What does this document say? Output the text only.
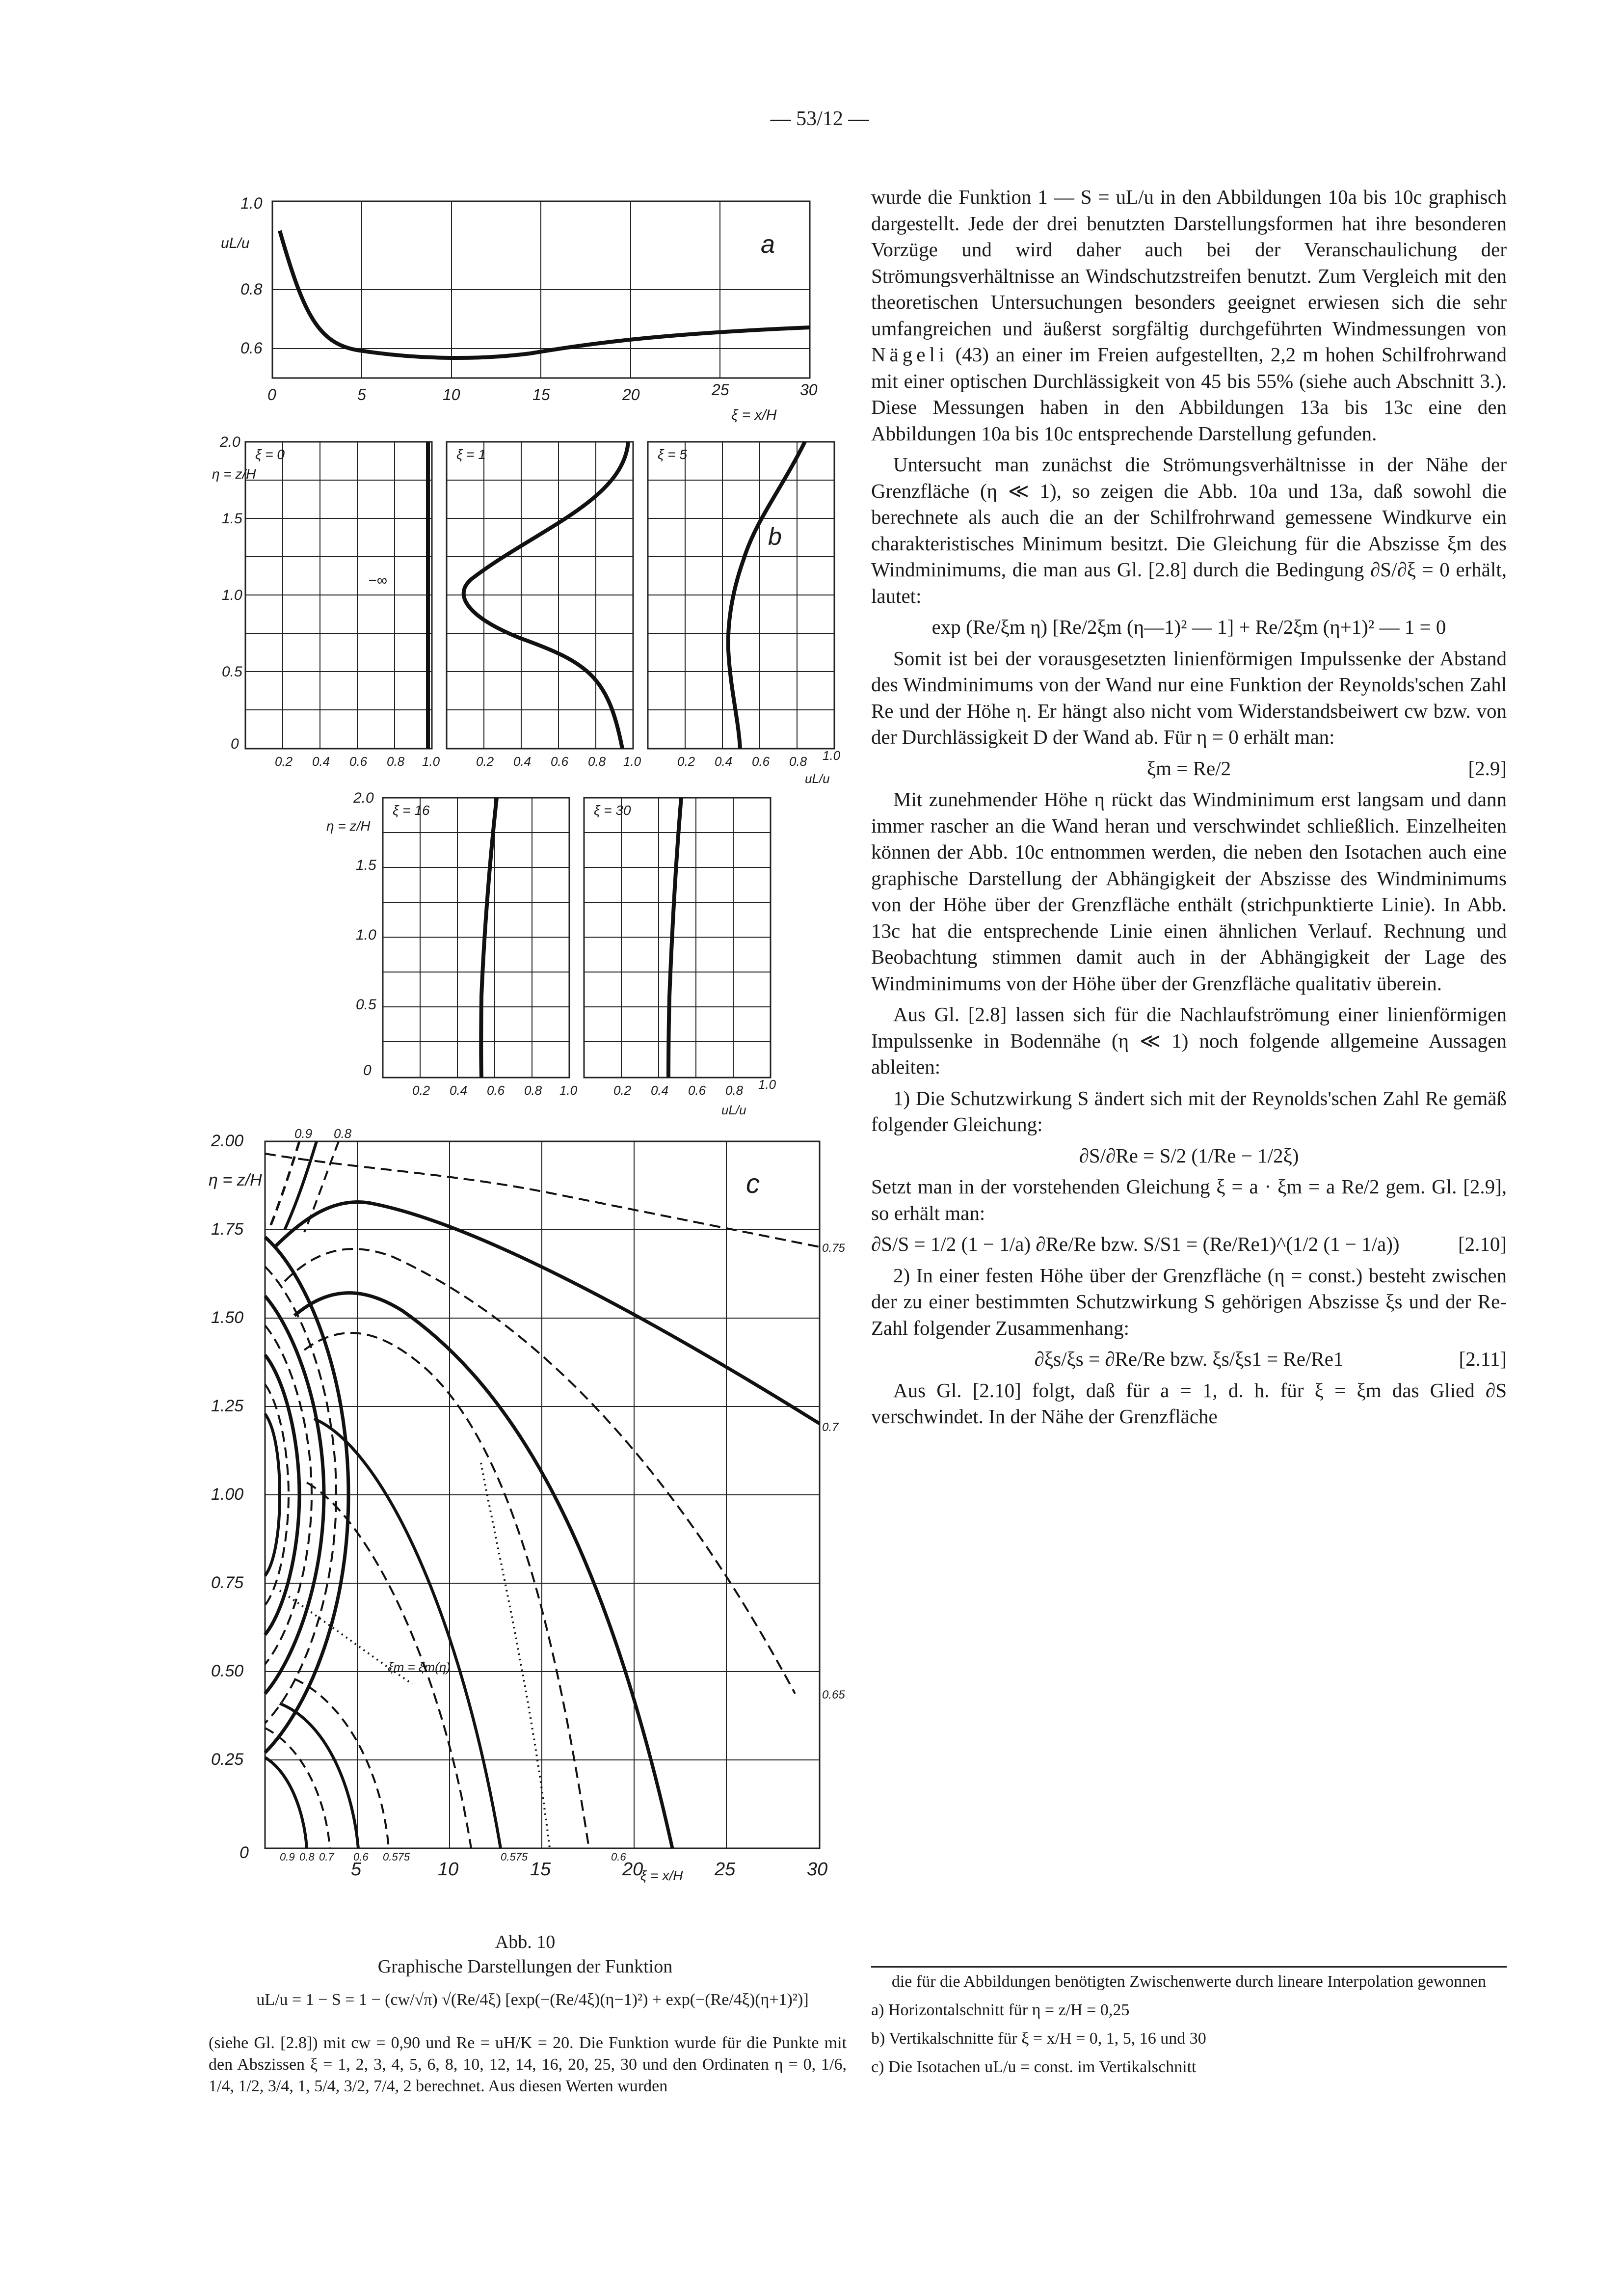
— 53/12 —
1.0
0.8
0.6
uL/u
0	5	10	15	20	25	30
ξ = x/H
a
−∞
ξ = 0	ξ = 1	ξ = 5
b
2.0
η = z/H
1.5
1.0
0.5
0
0.2 0.4 0.6 0.8 1.0	0.2 0.4 0.6 0.8 1.0	0.2 0.4 0.6 0.8 1.0
uL/u
ξ = 16	ξ = 30
2.0
η = z/H
1.5
1.0
0.5
0
0.2 0.4 0.6 0.8 1.0	0.2 0.4 0.6 0.8 1.0
uL/u
2.00
1.75
1.50
1.25
1.00
0.75
0.50
0.25
0
η = z/H
5	10	15	20	25	30
ξ = x/H
0.9 0.8
0.75
0.7
0.65
0.9 0.8 0.7 0.6 0.575	0.575	0.6
ξm = ξm(η)
c
Abb. 10
Graphische Darstellungen der Funktion
uL/u = 1 − S = 1 − (cw/√π) √(Re/4ξ) [exp(−(Re/4ξ)(η−1)²) + exp(−(Re/4ξ)(η+1)²)]
(siehe Gl. [2.8]) mit cw = 0,90 und Re = uH/K = 20. Die Funktion wurde für die Punkte mit den Abszissen ξ = 1, 2, 3, 4, 5, 6, 8, 10, 12, 14, 16, 20, 25, 30 und den Ordinaten η = 0, 1/6, 1/4, 1/2, 3/4, 1, 5/4, 3/2, 7/4, 2 berechnet. Aus diesen Werten wurden

wurde die Funktion 1 — S = uL/u in den Abbildungen 10a bis 10c graphisch dargestellt. Jede der drei benutzten Darstellungsformen hat ihre besonderen Vorzüge und wird daher auch bei der Veranschaulichung der Strömungsverhältnisse an Windschutzstreifen benutzt. Zum Vergleich mit den theoretischen Untersuchungen besonders geeignet erwiesen sich die sehr umfangreichen und äußerst sorgfältig durchgeführten Windmessungen von Nägeli (43) an einer im Freien aufgestellten, 2,2 m hohen Schilfrohrwand mit einer optischen Durchlässigkeit von 45 bis 55% (siehe auch Abschnitt 3.). Diese Messungen haben in den Abbildungen 13a bis 13c eine den Abbildungen 10a bis 10c entsprechende Darstellung gefunden.

Untersucht man zunächst die Strömungsverhältnisse in der Nähe der Grenzfläche (η ≪ 1), so zeigen die Abb. 10a und 13a, daß sowohl die berechnete als auch die an der Schilfrohrwand gemessene Windkurve ein charakteristisches Minimum besitzt. Die Gleichung für die Abszisse ξm des Windminimums, die man aus Gl. [2.8] durch die Bedingung ∂S/∂ξ = 0 erhält, lautet:

exp (Re/ξm η) [Re/2ξm (η—1)² — 1] + Re/2ξm (η+1)² — 1 = 0

Somit ist bei der vorausgesetzten linienförmigen Impulssenke der Abstand des Windminimums von der Wand nur eine Funktion der Reynolds'schen Zahl Re und der Höhe η. Er hängt also nicht vom Widerstandsbeiwert cw bzw. von der Durchlässigkeit D der Wand ab. Für η = 0 erhält man:

ξm = Re/2	[2.9]

Mit zunehmender Höhe η rückt das Windminimum erst langsam und dann immer rascher an die Wand heran und verschwindet schließlich. Einzelheiten können der Abb. 10c entnommen werden, die neben den Isotachen auch eine graphische Darstellung der Abhängigkeit der Abszisse des Windminimums von der Höhe über der Grenzfläche enthält (strichpunktierte Linie). In Abb. 13c hat die entsprechende Linie einen ähnlichen Verlauf. Rechnung und Beobachtung stimmen damit auch in der Abhängigkeit der Lage des Windminimums von der Höhe über der Grenzfläche qualitativ überein.

Aus Gl. [2.8] lassen sich für die Nachlaufströmung einer linienförmigen Impulssenke in Bodennähe (η ≪ 1) noch folgende allgemeine Aussagen ableiten:

1) Die Schutzwirkung S ändert sich mit der Reynolds'schen Zahl Re gemäß folgender Gleichung:

∂S/∂Re = S/2 (1/Re − 1/2ξ)

Setzt man in der vorstehenden Gleichung ξ = a · ξm = a Re/2 gem. Gl. [2.9], so erhält man:

∂S/S = 1/2 (1 − 1/a) ∂Re/Re bzw. S/S1 = (Re/Re1)^(1/2 (1 − 1/a))	[2.10]

2) In einer festen Höhe über der Grenzfläche (η = const.) besteht zwischen der zu einer bestimmten Schutzwirkung S gehörigen Abszisse ξs und der Re-Zahl folgender Zusammenhang:

∂ξs/ξs = ∂Re/Re bzw. ξs/ξs1 = Re/Re1	[2.11]

Aus Gl. [2.10] folgt, daß für a = 1, d. h. für ξ = ξm das Glied ∂S verschwindet. In der Nähe der Grenzfläche

die für die Abbildungen benötigten Zwischenwerte durch lineare Interpolation gewonnen
a) Horizontalschnitt für η = z/H = 0,25
b) Vertikalschnitte für ξ = x/H = 0, 1, 5, 16 und 30
c) Die Isotachen uL/u = const. im Vertikalschnitt
